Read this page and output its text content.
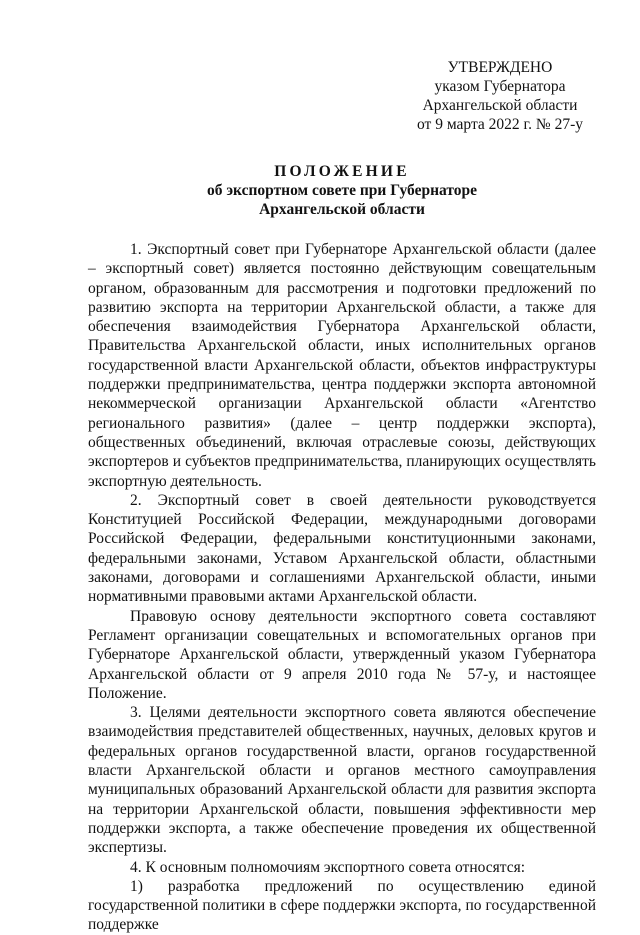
УТВЕРЖДЕНО
указом Губернатора
Архангельской области
от 9 марта 2022 г. № 27-у
ПОЛОЖЕНИЕ
об экспортном совете при Губернаторе
Архангельской области

1. Экспортный совет при Губернаторе Архангельской области (далее – экспортный совет) является постоянно действующим совещательным органом, образованным для рассмотрения и подготовки предложений по развитию экспорта на территории Архангельской области, а также для обеспечения взаимодействия Губернатора Архангельской области, Правительства Архангельской области, иных исполнительных органов государственной власти Архангельской области, объектов инфраструктуры поддержки предпринимательства, центра поддержки экспорта автономной некоммерческой организации Архангельской области «Агентство регионального развития» (далее – центр поддержки экспорта), общественных объединений, включая отраслевые союзы, действующих экспортеров и субъектов предпринимательства, планирующих осуществлять экспортную деятельность.

2. Экспортный совет в своей деятельности руководствуется Конституцией Российской Федерации, международными договорами Российской Федерации, федеральными конституционными законами, федеральными законами, Уставом Архангельской области, областными законами, договорами и соглашениями Архангельской области, иными нормативными правовыми актами Архангельской области.

Правовую основу деятельности экспортного совета составляют Регламент организации совещательных и вспомогательных органов при Губернаторе Архангельской области, утвержденный указом Губернатора Архангельской области от 9 апреля 2010 года № 57-у, и настоящее Положение.

3. Целями деятельности экспортного совета являются обеспечение взаимодействия представителей общественных, научных, деловых кругов и федеральных органов государственной власти, органов государственной власти Архангельской области и органов местного самоуправления муниципальных образований Архангельской области для развития экспорта на территории Архангельской области, повышения эффективности мер поддержки экспорта, а также обеспечение проведения их общественной экспертизы.

4. К основным полномочиям экспортного совета относятся:

1) разработка предложений по осуществлению единой государственной политики в сфере поддержки экспорта, по государственной поддержке
